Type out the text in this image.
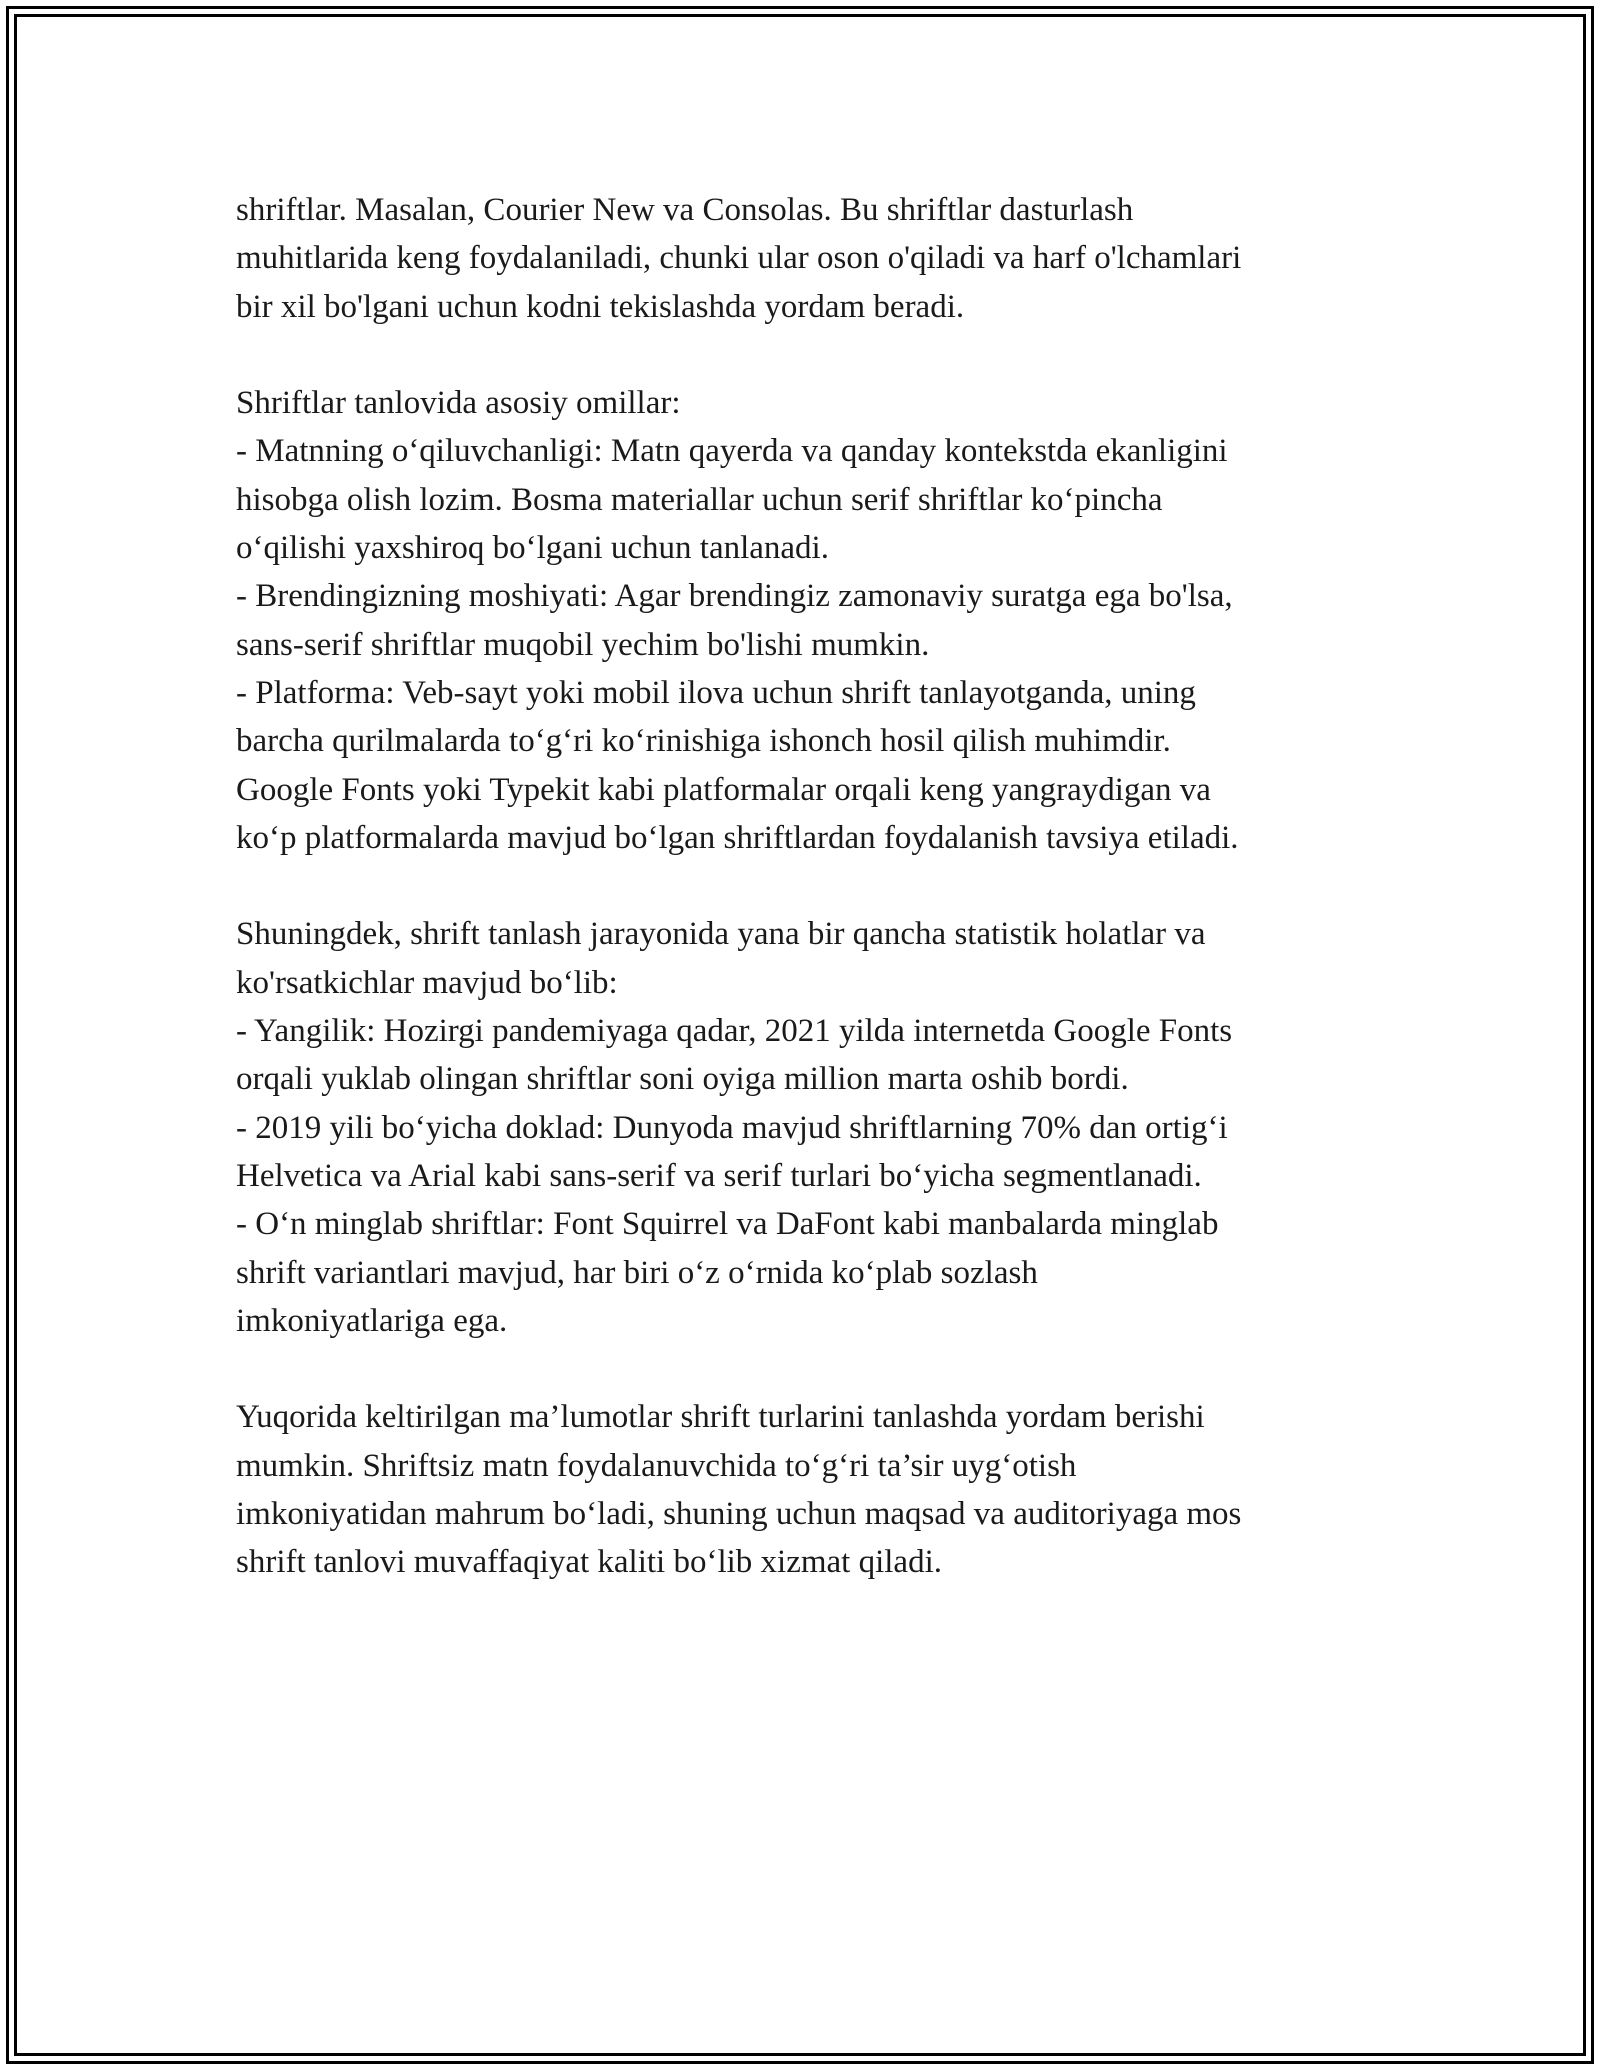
shriftlar. Masalan, Courier New va Consolas. Bu shriftlar dasturlash
muhitlarida keng foydalaniladi, chunki ular oson o'qiladi va harf o'lchamlari
bir xil bo'lgani uchun kodni tekislashda yordam beradi.

Shriftlar tanlovida asosiy omillar:
- Matnning o‘qiluvchanligi: Matn qayerda va qanday kontekstda ekanligini
hisobga olish lozim. Bosma materiallar uchun serif shriftlar ko‘pincha
o‘qilishi yaxshiroq bo‘lgani uchun tanlanadi.
- Brendingizning moshiyati: Agar brendingiz zamonaviy suratga ega bo'lsa,
sans-serif shriftlar muqobil yechim bo'lishi mumkin.
- Platforma: Veb-sayt yoki mobil ilova uchun shrift tanlayotganda, uning
barcha qurilmalarda to‘g‘ri ko‘rinishiga ishonch hosil qilish muhimdir.
Google Fonts yoki Typekit kabi platformalar orqali keng yangraydigan va
ko‘p platformalarda mavjud bo‘lgan shriftlardan foydalanish tavsiya etiladi.

Shuningdek, shrift tanlash jarayonida yana bir qancha statistik holatlar va
ko'rsatkichlar mavjud bo‘lib:
- Yangilik: Hozirgi pandemiyaga qadar, 2021 yilda internetda Google Fonts
orqali yuklab olingan shriftlar soni oyiga million marta oshib bordi.
- 2019 yili bo‘yicha doklad: Dunyoda mavjud shriftlarning 70% dan ortig‘i
Helvetica va Arial kabi sans-serif va serif turlari bo‘yicha segmentlanadi.
- O‘n minglab shriftlar: Font Squirrel va DaFont kabi manbalarda minglab
shrift variantlari mavjud, har biri o‘z o‘rnida ko‘plab sozlash
imkoniyatlariga ega.

Yuqorida keltirilgan ma’lumotlar shrift turlarini tanlashda yordam berishi
mumkin. Shriftsiz matn foydalanuvchida to‘g‘ri ta’sir uyg‘otish
imkoniyatidan mahrum bo‘ladi, shuning uchun maqsad va auditoriyaga mos
shrift tanlovi muvaffaqiyat kaliti bo‘lib xizmat qiladi.
